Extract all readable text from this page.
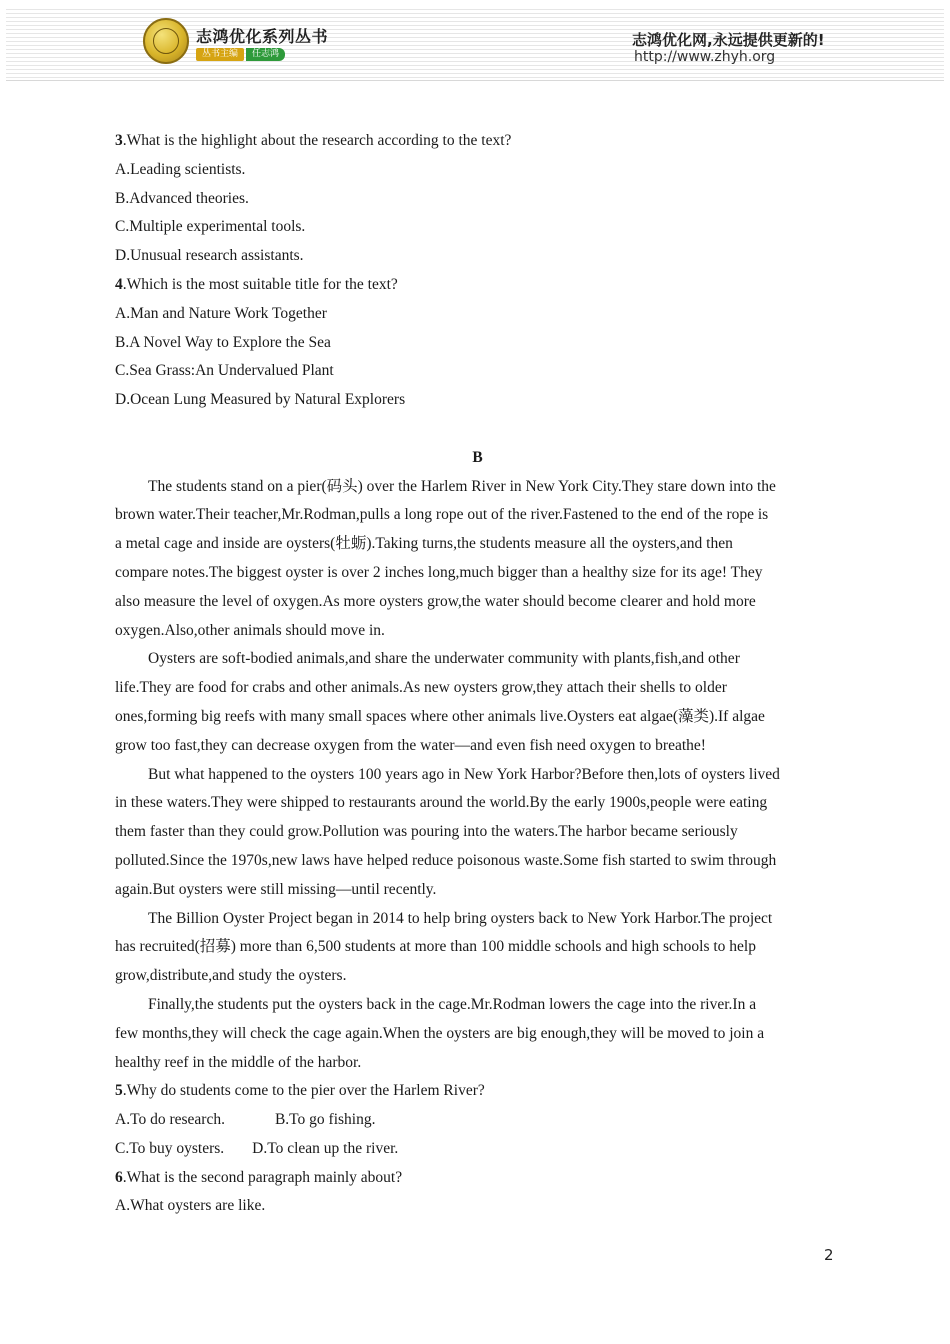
志鸿优化系列丛书
丛书主编	任志鸿
志鸿优化网,永远提供更新的!
http://www.zhyh.org
3.What is the highlight about the research according to the text?
A.Leading scientists.
B.Advanced theories.
C.Multiple experimental tools.
D.Unusual research assistants.
4.Which is the most suitable title for the text?
A.Man and Nature Work Together
B.A Novel Way to Explore the Sea
C.Sea Grass:An Undervalued Plant
D.Ocean Lung Measured by Natural Explorers
B
The students stand on a pier(码头) over the Harlem River in New York City.They stare down into the
brown water.Their teacher,Mr.Rodman,pulls a long rope out of the river.Fastened to the end of the rope is
a metal cage and inside are oysters(牡蛎).Taking turns,the students measure all the oysters,and then
compare notes.The biggest oyster is over 2 inches long,much bigger than a healthy size for its age! They
also measure the level of oxygen.As more oysters grow,the water should become clearer and hold more
oxygen.Also,other animals should move in.
Oysters are soft-bodied animals,and share the underwater community with plants,fish,and other
life.They are food for crabs and other animals.As new oysters grow,they attach their shells to older
ones,forming big reefs with many small spaces where other animals live.Oysters eat algae(藻类).If algae
grow too fast,they can decrease oxygen from the water—and even fish need oxygen to breathe!
But what happened to the oysters 100 years ago in New York Harbor?Before then,lots of oysters lived
in these waters.They were shipped to restaurants around the world.By the early 1900s,people were eating
them faster than they could grow.Pollution was pouring into the waters.The harbor became seriously
polluted.Since the 1970s,new laws have helped reduce poisonous waste.Some fish started to swim through
again.But oysters were still missing—until recently.
The Billion Oyster Project began in 2014 to help bring oysters back to New York Harbor.The project
has recruited(招募) more than 6,500 students at more than 100 middle schools and high schools to help
grow,distribute,and study the oysters.
Finally,the students put the oysters back in the cage.Mr.Rodman lowers the cage into the river.In a
few months,they will check the cage again.When the oysters are big enough,they will be moved to join a
healthy reef in the middle of the harbor.
5.Why do students come to the pier over the Harlem River?
A.To do research.	B.To go fishing.
C.To buy oysters. D.To clean up the river.
6.What is the second paragraph mainly about?
A.What oysters are like.
2
